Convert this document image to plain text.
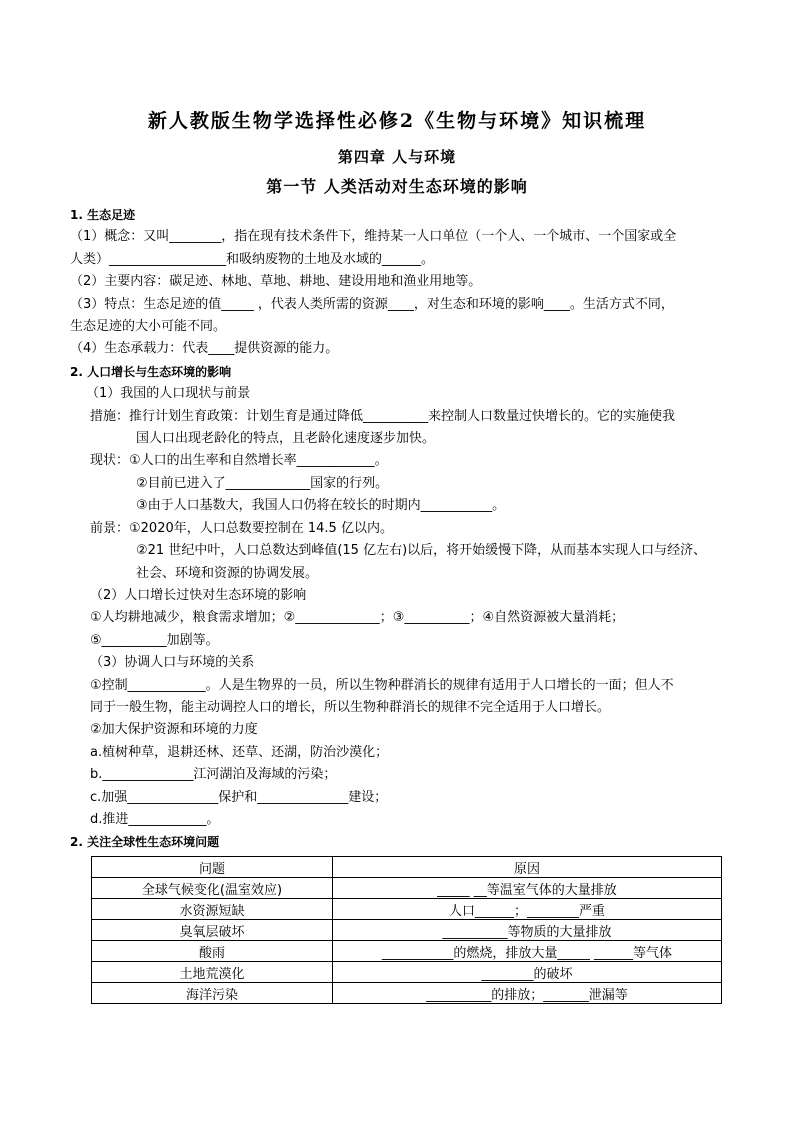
新人教版生物学选择性必修2《生物与环境》知识梳理
第四章 人与环境
第一节 人类活动对生态环境的影响

1. 生态足迹

（1）概念：又叫________，指在现有技术条件下，维持某一人口单位（一个人、一个城市、一个国家或全

人类）__________________和吸纳废物的土地及水域的______。

（2）主要内容：碳足迹、林地、草地、耕地、建设用地和渔业用地等。

（3）特点：生态足迹的值_____ ，代表人类所需的资源____，对生态和环境的影响____。生活方式不同，

生态足迹的大小可能不同。

（4）生态承载力：代表____提供资源的能力。

2. 人口增长与生态环境的影响

（1）我国的人口现状与前景

措施：推行计划生育政策：计划生育是通过降低__________来控制人口数量过快增长的。它的实施使我

国人口出现老龄化的特点，且老龄化速度逐步加快。

现状：①人口的出生率和自然增长率____________。

②目前已进入了_____________国家的行列。

③由于人口基数大，我国人口仍将在较长的时期内___________。

前景：①2020年，人口总数要控制在 14.5 亿以内。

②21 世纪中叶，人口总数达到峰值(15 亿左右)以后，将开始缓慢下降，从而基本实现人口与经济、

社会、环境和资源的协调发展。

（2）人口增长过快对生态环境的影响

①人均耕地减少，粮食需求增加；②_____________；③__________；④自然资源被大量消耗；

⑤__________加剧等。

（3）协调人口与环境的关系

①控制____________。人是生物界的一员，所以生物种群消长的规律有适用于人口增长的一面；但人不

同于一般生物，能主动调控人口的增长，所以生物种群消长的规律不完全适用于人口增长。

②加大保护资源和环境的力度

a.植树种草，退耕还林、还草、还湖，防治沙漠化；

b.______________江河湖泊及海域的污染；

c.加强______________保护和______________建设；

d.推进____________。

2. 关注全球性生态环境问题

问题	原因
全球气候变化(温室效应)	_____ __等温室气体的大量排放
水资源短缺	人口______；________严重
臭氧层破坏	__________等物质的大量排放
酸雨	___________的燃烧，排放大量_____ ______等气体
土地荒漠化	________的破坏
海洋污染	__________的排放；_______泄漏等
